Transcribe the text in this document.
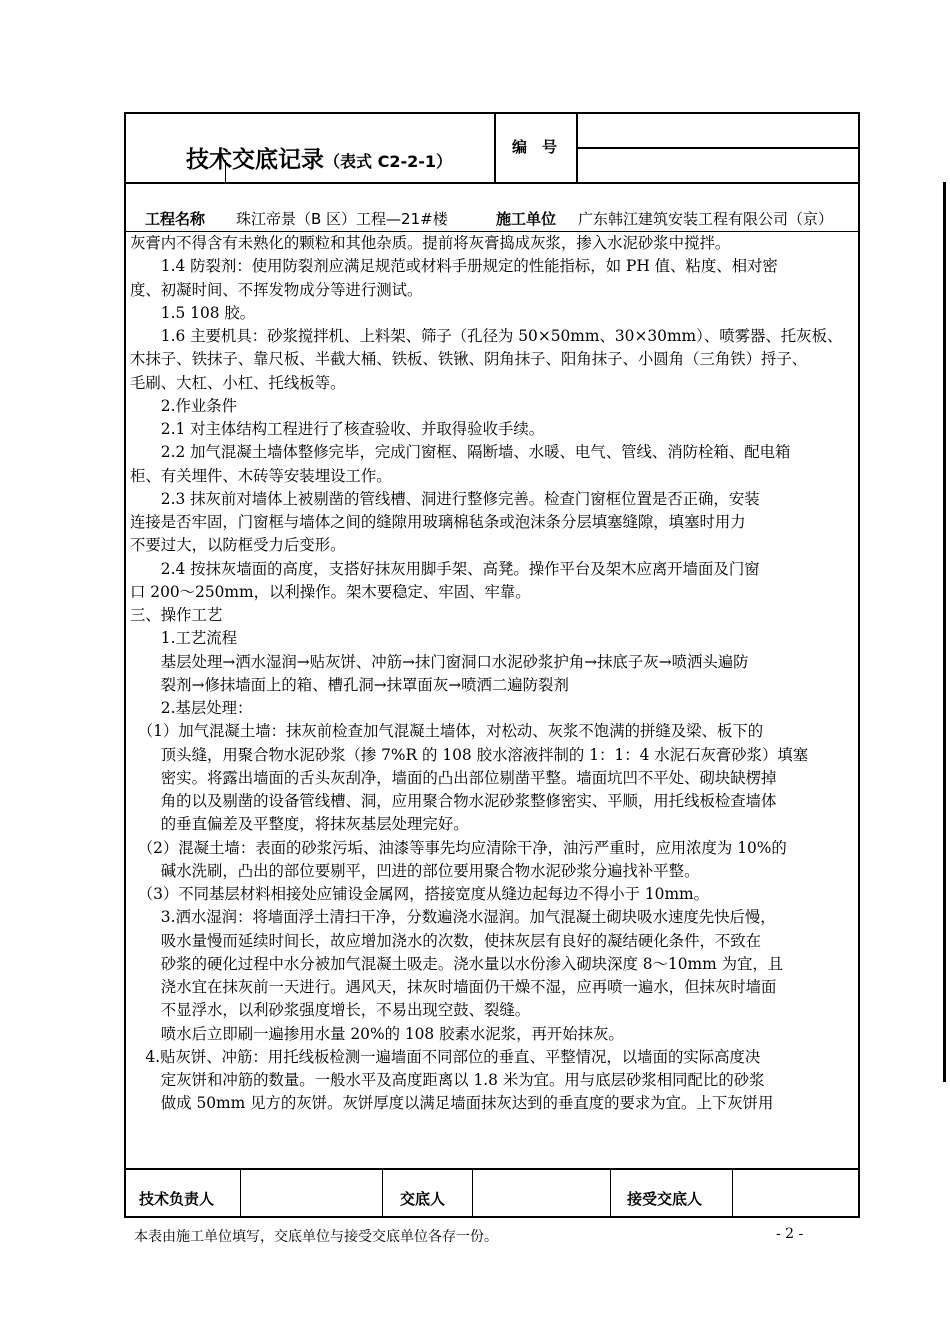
技术交底记录（表式 C2-2-1）
编　号
工程名称 珠江帝景（B 区）工程—21#楼	施工单位 广东韩江建筑安装工程有限公司（京）
灰膏内不得含有未熟化的颗粒和其他杂质。提前将灰膏捣成灰浆，掺入水泥砂浆中搅拌。
　　1.4 防裂剂：使用防裂剂应满足规范或材料手册规定的性能指标，如 PH 值、粘度、相对密
度、初凝时间、不挥发物成分等进行测试。
　　1.5 108 胶。
　　1.6 主要机具：砂浆搅拌机、上料架、筛子（孔径为 50×50mm、30×30mm）、喷雾器、托灰板、
木抹子、铁抹子、靠尺板、半截大桶、铁板、铁锹、阴角抹子、阳角抹子、小圆角（三角铁）捋子、
毛刷、大杠、小杠、托线板等。
　　2.作业条件
　　2.1 对主体结构工程进行了核查验收、并取得验收手续。
　　2.2 加气混凝土墙体整修完毕，完成门窗框、隔断墙、水暖、电气、管线、消防栓箱、配电箱
柜、有关埋件、木砖等安装埋设工作。
　　2.3 抹灰前对墙体上被剔凿的管线槽、洞进行整修完善。检查门窗框位置是否正确，安装
连接是否牢固，门窗框与墙体之间的缝隙用玻璃棉毡条或泡沫条分层填塞缝隙，填塞时用力
不要过大，以防框受力后变形。
　　2.4 按抹灰墙面的高度，支搭好抹灰用脚手架、高凳。操作平台及架木应离开墙面及门窗
口 200～250mm，以利操作。架木要稳定、牢固、牢靠。
三、操作工艺
　　1.工艺流程
　　基层处理→洒水湿润→贴灰饼、冲筋→抹门窗洞口水泥砂浆护角→抹底子灰→喷洒头遍防
　　裂剂→修抹墙面上的箱、槽孔洞→抹罩面灰→喷洒二遍防裂剂
　　2.基层处理：
　（1）加气混凝土墙：抹灰前检查加气混凝土墙体，对松动、灰浆不饱满的拼缝及梁、板下的
　　顶头缝，用聚合物水泥砂浆（掺 7%R 的 108 胶水溶液拌制的 1：1：4 水泥石灰膏砂浆）填塞
　　密实。将露出墙面的舌头灰刮净，墙面的凸出部位剔凿平整。墙面坑凹不平处、砌块缺楞掉
　　角的以及剔凿的设备管线槽、洞，应用聚合物水泥砂浆整修密实、平顺，用托线板检查墙体
　　的垂直偏差及平整度，将抹灰基层处理完好。
　（2）混凝土墙：表面的砂浆污垢、油漆等事先均应清除干净，油污严重时，应用浓度为 10%的
　　碱水洗刷，凸出的部位要剔平，凹进的部位要用聚合物水泥砂浆分遍找补平整。
　（3）不同基层材料相接处应铺设金属网，搭接宽度从缝边起每边不得小于 10mm。
　　3.洒水湿润：将墙面浮土清扫干净，分数遍浇水湿润。加气混凝土砌块吸水速度先快后慢，
　　吸水量慢而延续时间长，故应增加浇水的次数，使抹灰层有良好的凝结硬化条件，不致在
　　砂浆的硬化过程中水分被加气混凝土吸走。浇水量以水份渗入砌块深度 8～10mm 为宜，且
　　浇水宜在抹灰前一天进行。遇风天，抹灰时墙面仍干燥不湿，应再喷一遍水，但抹灰时墙面
　　不显浮水，以利砂浆强度增长，不易出现空鼓、裂缝。
　　喷水后立即刷一遍掺用水量 20%的 108 胶素水泥浆，再开始抹灰。
　4.贴灰饼、冲筋：用托线板检测一遍墙面不同部位的垂直、平整情况，以墙面的实际高度决
　　定灰饼和冲筋的数量。一般水平及高度距离以 1.8 米为宜。用与底层砂浆相同配比的砂浆
　　做成 50mm 见方的灰饼。灰饼厚度以满足墙面抹灰达到的垂直度的要求为宜。上下灰饼用
技术负责人	交底人	接受交底人
本表由施工单位填写，交底单位与接受交底单位各存一份。	- 2 -
